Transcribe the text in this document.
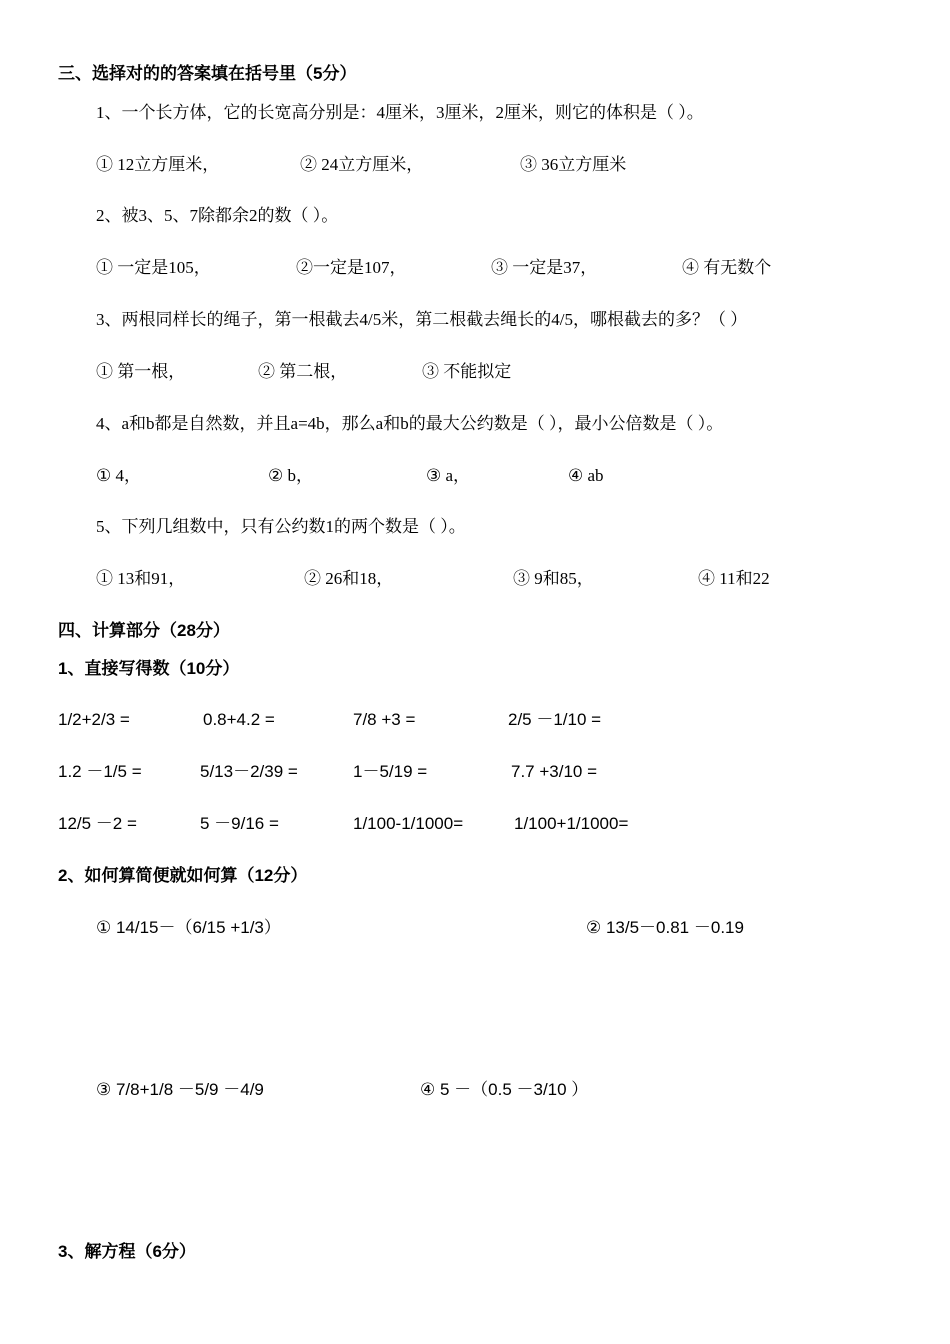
三、选择对的的答案填在括号里（5分）
1、一个长方体，它的长宽高分别是：4厘米，3厘米，2厘米，则它的体积是（ ）。
① 12立方厘米，	② 24立方厘米，	③ 36立方厘米
2、被3、5、7除都余2的数（ ）。
① 一定是105，	②一定是107，	③ 一定是37，	④ 有无数个
3、两根同样长的绳子，第一根截去4/5米，第二根截去绳长的4/5，哪根截去的多？（ ）
① 第一根，	② 第二根，	③ 不能拟定
4、a和b都是自然数，并且a=4b，那么a和b的最大公约数是（ ），最小公倍数是（ ）。
① 4，	② b，	③ a，	④ ab
5、下列几组数中，只有公约数1的两个数是（ ）。
① 13和91，	② 26和18，	③ 9和85，	④ 11和22
四、计算部分（28分）
1、直接写得数（10分）
1/2+2/3 =	0.8+4.2 =	7/8 +3 =	2/5 －1/10 =
1.2 －1/5 =	5/13－2/39 =	1－5/19 =	7.7 +3/10 =
12/5 －2 =	5 －9/16 =	1/100-1/1000=	1/100+1/1000=
2、如何算简便就如何算（12分）
① 14/15－（6/15 +1/3）	② 13/5－0.81 －0.19
③ 7/8+1/8 －5/9 －4/9	④ 5 －（0.5 －3/10 ）
3、解方程（6分）
